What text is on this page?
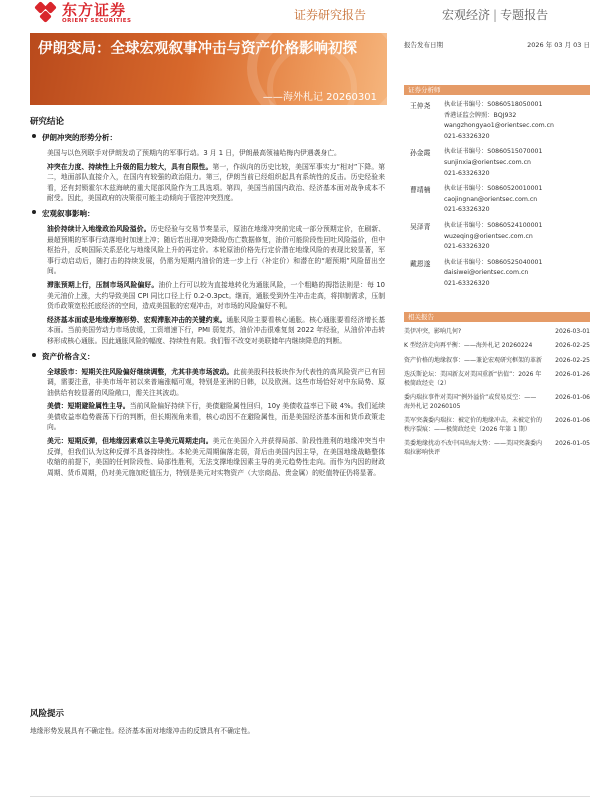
东方证券
ORIENT SECURITIES	证券研究报告	宏观经济 | 专题报告
伊朗变局：全球宏观叙事冲击与资产价格影响初探
——海外札记 20260301
研究结论
伊朗冲突的形势分析：

美国与以色列联手对伊朗发动了预期内的军事行动。3 月 1 日，伊朗最高领袖哈梅内伊遇袭身亡。

冲突在力度、持续性上升级的阻力较大，具有自限性。第一，作纵向的历史比较，美国军事实力“相对”下降。第二，地面部队直接介入，在国内有较强的政治阻力。第三，伊朗当前已经组织起具有系统性的反击。历史经验来看，还有封锁霍尔木兹海峡的重大尾部风险作为工具选项。第四，美国当前国内政治、经济基本面对战争成本不耐受。因此，美国政府的决策很可能主动倾向于管控冲突烈度。

宏观叙事影响：

油价持续计入地缘政治风险溢价。历史经验与交易节奏显示，原油在地缘冲突前完成一部分预期定价，在刷新、最超预期的军事行动落地时加速上冲；随后若出现冲突降级/伤亡数据修复，油价可能阶段性回吐风险溢价，但中枢抬升，反映国际关系恶化与地缘风险上升的再定价。本轮原油价格先行定价潜在地缘风险的表现比较显著，军事行动启动后，随打击的持续发展，仍需为短期内油价的进一步上行（补定价）和潜在的“超预期”风险留出空间。

滞胀预期上行，压制市场风险偏好。油价上行可以较为直接地转化为通胀风险，一个粗略的拇指法则是：每 10 美元油价上涨，大约导致美国 CPI 同比口径上行 0.2-0.3pct。继而，通胀受到外生冲击走高，将抑制需求，压制货币政策宽松托底经济的空间，造成美国胀的宏观冲击，对市场的风险偏好不利。

经济基本面或是地缘摩擦形势、宏观滞胀冲击的关键约束。通胀风险主要看核心通胀。核心通胀要看经济增长基本面。当前美国劳动力市场放缓，工资增速下行，PMI 弱复苏，油价冲击很难复刻 2022 年经验，从油价冲击转移形成核心通胀。因此通胀风险的幅度、持续性有限。我们暂不改变对美联储年内继续降息的判断。

资产价格含义：

全球股市：短期关注风险偏好继续调整，尤其非美市场波动。此前美股科技板块作为代表性的高风险资产已有回调，需要注意，非美市场年初以来普遍涨幅可观，特别是亚洲的日韩，以及欧洲。这些市场恰好对中东局势、原油供给有较显著的风险敞口，需关注其波动。

美债：短期避险属性主导。当前风险偏好持续下行，美债避险属性回归，10y 美债收益率已下破 4%。我们延续美债收益率趋势震荡下行的判断，但长期视角来看，核心动因不在避险属性，而是美国经济基本面和货币政策走向。

美元：短期反弹，但地缘因素难以主导美元周期走向。美元在美国介入并获得局部、阶段性胜利的地缘冲突当中反弹，但我们认为这种反弹不具备持续性。本轮美元周期偏落走弱，背后由美国内因主导，在美国地缘战略整体收缩的前提下，美国的任何阶段性、局部性胜利，无法支撑地缘因素主导的美元趋势性走向。而作为内因的财政周期、货币周期，仍对美元施加贬值压力，特别是美元对实物资产（大宗商品、贵金属）的贬值特征仍将显著。

风险提示

地缘形势发展具有不确定性。经济基本面对地缘冲击的反馈具有不确定性。

报告发布日期	2026 年 03 月 03 日
证券分析师
王仲尧	执业证书编号：S0860518050001
香港证监会牌照：BQJ932
wangzhongyao1@orientsec.com.cn
021-63326320
孙金霞	执业证书编号：S0860515070001
sunjinxia@orientsec.com.cn
021-63326320
曹靖楠	执业证书编号：S0860520010001
caojingnan@orientsec.com.cn
021-63326320
吴泽青	执业证书编号：S0860524100001
wuzeqing@orientsec.com.cn
021-63326320
戴恩遂	执业证书编号：S0860525040001
daisiwei@orientsec.com.cn
021-63326320
相关报告
美伊冲突，影响几何?	2026-03-01
K 型经济走向再平衡：——海外札记 20260224	2026-02-25
资产价格的地缘叙事：——兼论宏观研究框架的革新	2026-02-25
迭沃斯论坛：美国新友对美国重新“估值”：2026 年极简政经史（2）
2026-01-26
委内瑞拉事件对美国“例外溢价”或贸易反空：——海外札记 20260105
2026-01-06
美军突袭委内瑞拉：被定价的地缘冲击，未被定价的秩序裂痕：——极简政经史（2026 年第 1 期）
2026-01-06
美委地缘扰动不改中国出海大势：——美国突袭委内瑞拉影响快评
2026-01-05
